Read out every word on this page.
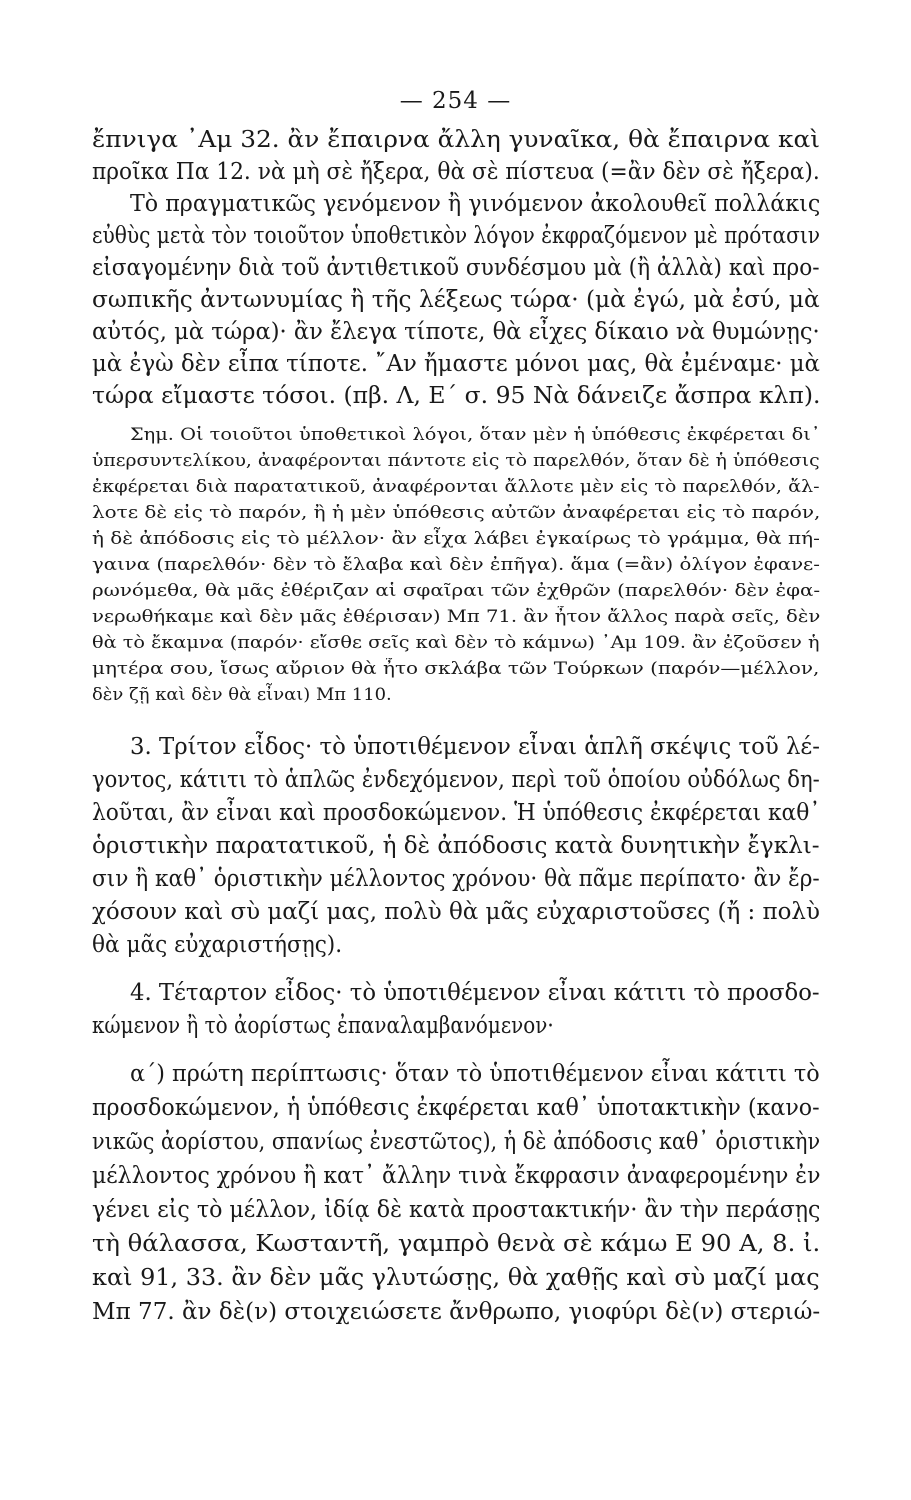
— 254 —
ἔπνιγα ᾽Αμ 32. ἂν ἔπαιρνα ἄλλη γυναῖκα, θὰ ἔπαιρνα καὶ
προῖκα Πα 12. νὰ μὴ σὲ ἤξερα, θὰ σὲ πίστευα (=ἂν δὲν σὲ ἤξερα).
Τὸ πραγματικῶς γενόμενον ἢ γινόμενον ἀκολουθεῖ πολλάκις
εὐθὺς μετὰ τὸν τοιοῦτον ὑποθετικὸν λόγον ἐκφραζόμενον μὲ πρότασιν
εἰσαγομένην διὰ τοῦ ἀντιθετικοῦ συνδέσμου μὰ (ἢ ἀλλὰ) καὶ προ-
σωπικῆς ἀντωνυμίας ἢ τῆς λέξεως τώρα· (μὰ ἐγώ, μὰ ἐσύ, μὰ
αὐτός, μὰ τώρα)· ἂν ἔλεγα τίποτε, θὰ εἶχες δίκαιο νὰ θυμώνῃς·
μὰ ἐγὼ δὲν εἶπα τίποτε. ῎Αν ἤμαστε μόνοι μας, θὰ ἐμέναμε· μὰ
τώρα εἴμαστε τόσοι. (πβ. Λ, Ε΄ σ. 95 Νὰ δάνειζε ἄσπρα κλπ).
Σημ. Οἱ τοιοῦτοι ὑποθετικοὶ λόγοι, ὅταν μὲν ἡ ὑπόθεσις ἐκφέρεται δι᾽
ὑπερσυντελίκου, ἀναφέρονται πάντοτε εἰς τὸ παρελθόν, ὅταν δὲ ἡ ὑπόθεσις
ἐκφέρεται διὰ παρατατικοῦ, ἀναφέρονται ἄλλοτε μὲν εἰς τὸ παρελθόν, ἄλ-
λοτε δὲ εἰς τὸ παρόν, ἢ ἡ μὲν ὑπόθεσις αὐτῶν ἀναφέρεται εἰς τὸ παρόν,
ἡ δὲ ἀπόδοσις εἰς τὸ μέλλον· ἂν εἶχα λάβει ἐγκαίρως τὸ γράμμα, θὰ πή-
γαινα (παρελθόν· δὲν τὸ ἔλαβα καὶ δὲν ἐπῆγα). ἅμα (=ἂν) ὀλίγον ἐφανε-
ρωνόμεθα, θὰ μᾶς ἐθέριζαν αἱ σφαῖραι τῶν ἐχθρῶν (παρελθόν· δὲν ἐφα-
νερωθήκαμε καὶ δὲν μᾶς ἐθέρισαν) Μπ 71. ἂν ἦτον ἄλλος παρὰ σεῖς, δὲν
θὰ τὸ ἔκαμνα (παρόν· εἴσθε σεῖς καὶ δὲν τὸ κάμνω) ᾽Αμ 109. ἂν ἐζοῦσεν ἡ
μητέρα σου, ἴσως αὔριον θὰ ἦτο σκλάβα τῶν Τούρκων (παρόν—μέλλον,
δὲν ζῇ καὶ δὲν θὰ εἶναι) Μπ 110.
3. Τρίτον εἶδος· τὸ ὑποτιθέμενον εἶναι ἁπλῆ σκέψις τοῦ λέ-
γοντος, κάτιτι τὸ ἁπλῶς ἐνδεχόμενον, περὶ τοῦ ὁποίου οὐδόλως δη-
λοῦται, ἂν εἶναι καὶ προσδοκώμενον. Ἡ ὑπόθεσις ἐκφέρεται καθ᾽
ὁριστικὴν παρατατικοῦ, ἡ δὲ ἀπόδοσις κατὰ δυνητικὴν ἔγκλι-
σιν ἢ καθ᾽ ὁριστικὴν μέλλοντος χρόνου· θὰ πᾶμε περίπατο· ἂν ἔρ-
χόσουν καὶ σὺ μαζί μας, πολὺ θὰ μᾶς εὐχαριστοῦσες (ἤ : πολὺ
θὰ μᾶς εὐχαριστήσῃς).
4. Τέταρτον εἶδος· τὸ ὑποτιθέμενον εἶναι κάτιτι τὸ προσδο-
κώμενον ἢ τὸ ἀορίστως ἐπαναλαμβανόμενον·
α΄) πρώτη περίπτωσις· ὅταν τὸ ὑποτιθέμενον εἶναι κάτιτι τὸ
προσδοκώμενον, ἡ ὑπόθεσις ἐκφέρεται καθ᾽ ὑποτακτικὴν (κανο-
νικῶς ἀορίστου, σπανίως ἐνεστῶτος), ἡ δὲ ἀπόδοσις καθ᾽ ὁριστικὴν
μέλλοντος χρόνου ἢ κατ᾽ ἄλλην τινὰ ἔκφρασιν ἀναφερομένην ἐν
γένει εἰς τὸ μέλλον, ἰδίᾳ δὲ κατὰ προστακτικήν· ἂν τὴν περάσῃς
τὴ θάλασσα, Κωσταντῆ, γαμπρὸ θενὰ σὲ κάμω Ε 90 Α, 8. ἰ.
καὶ 91, 33. ἂν δὲν μᾶς γλυτώσῃς, θὰ χαθῇς καὶ σὺ μαζί μας
Μπ 77. ἂν δὲ(ν) στοιχειώσετε ἄνθρωπο, γιοφύρι δὲ(ν) στεριώ-
